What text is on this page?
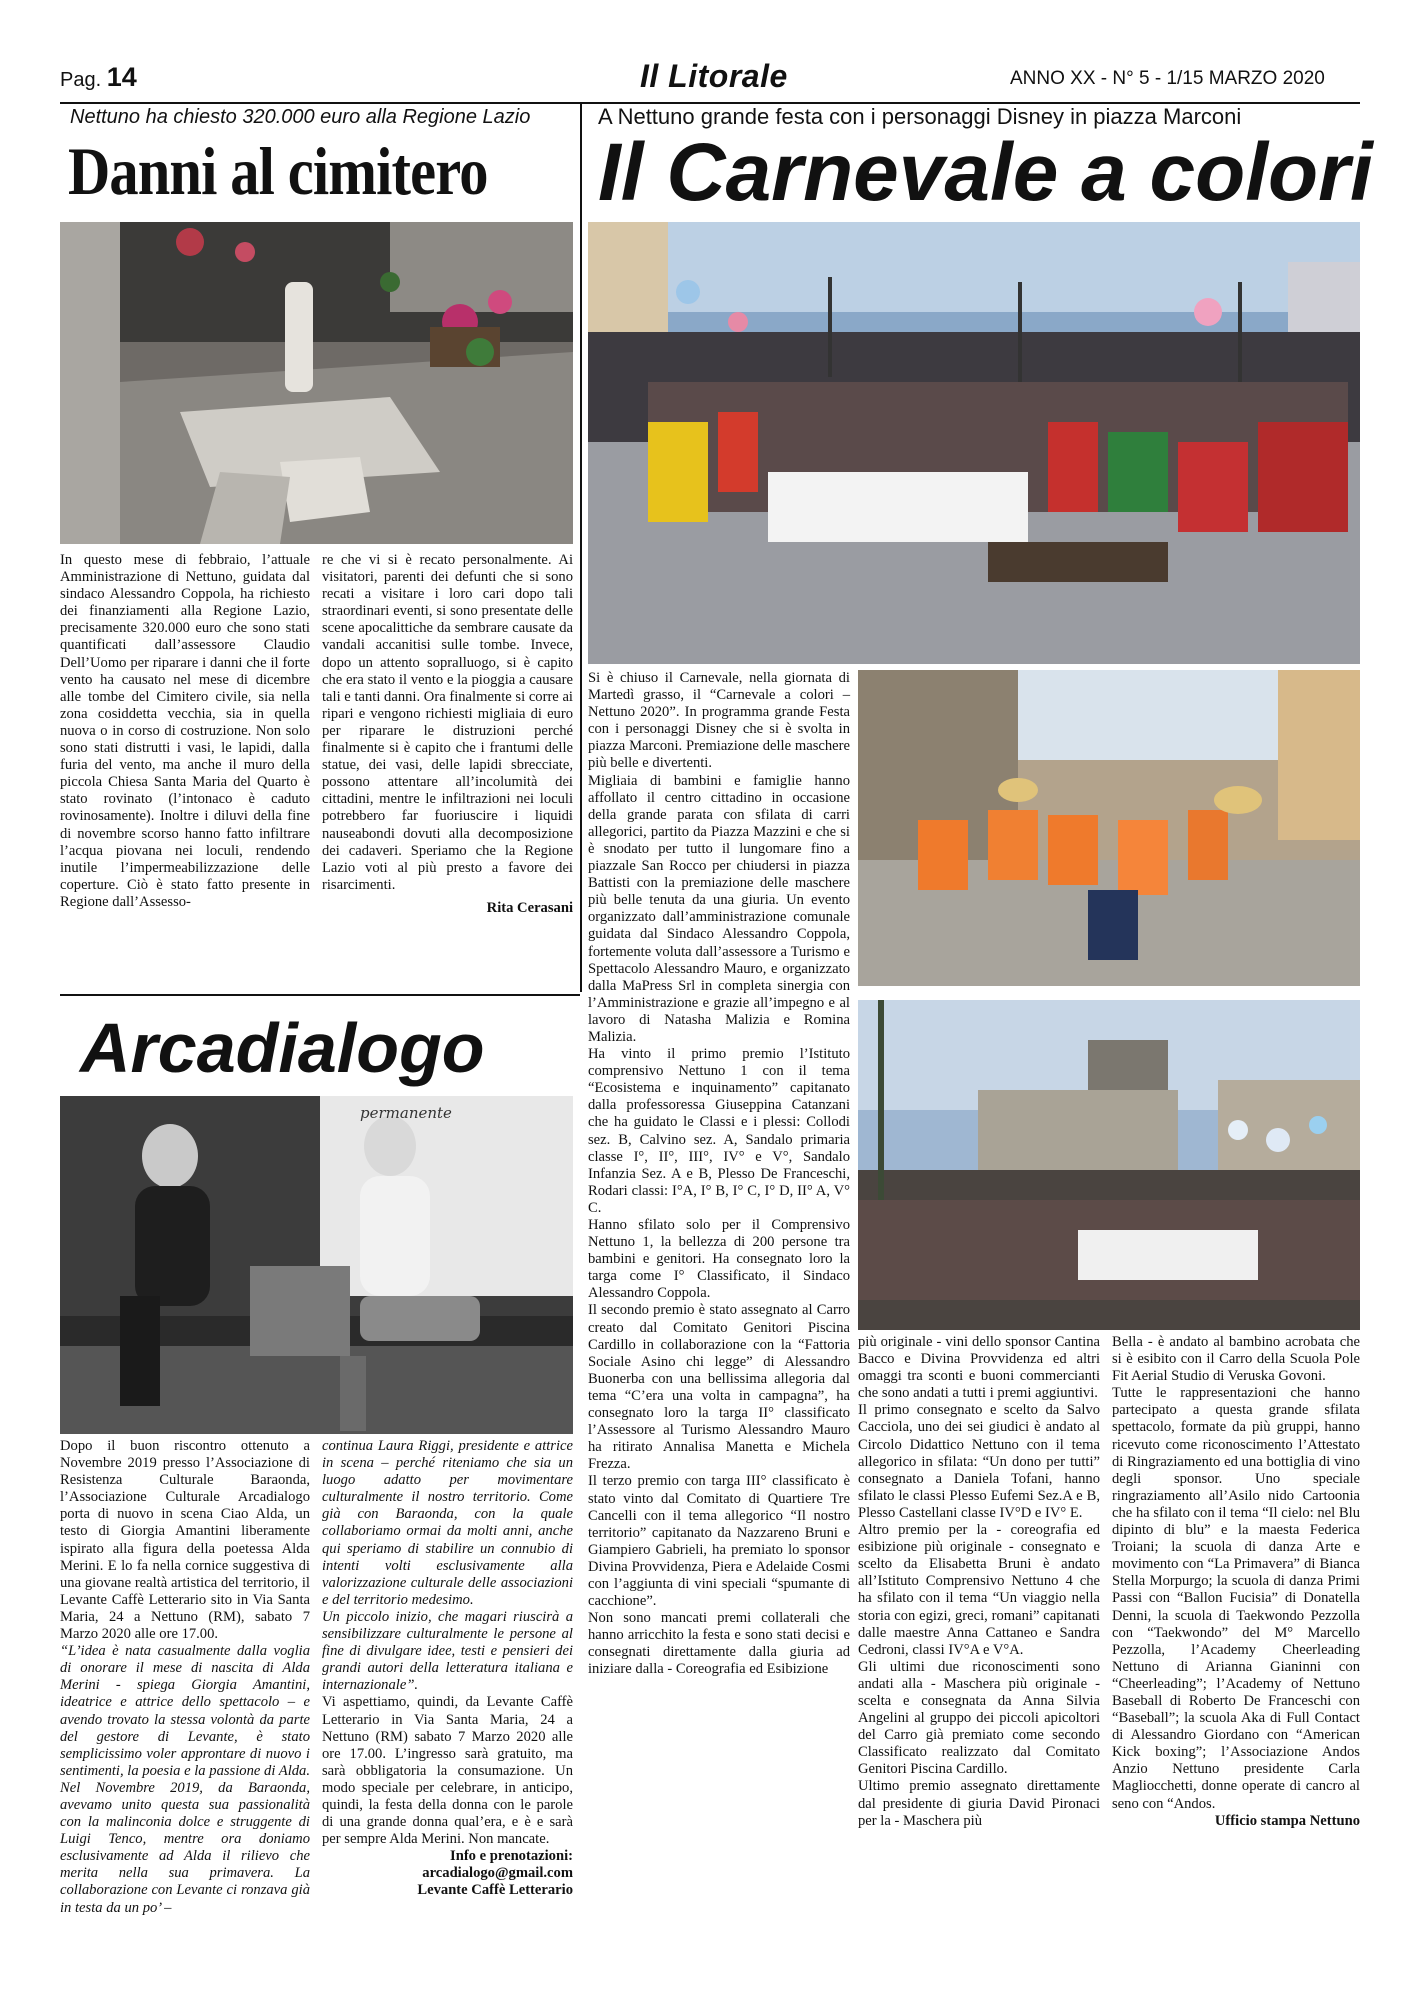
Pag. 14	Il Litorale	ANNO XX - N° 5 - 1/15 MARZO 2020
Nettuno ha chiesto 320.000 euro alla Regione Lazio
Danni al cimitero

In questo mese di febbraio, l’attuale Amministrazione di Nettuno, guidata dal sindaco Alessandro Coppola, ha richiesto dei finanziamenti alla Regione Lazio, precisamente 320.000 euro che sono stati quantificati dall’assessore Claudio Dell’Uomo per riparare i danni che il forte vento ha causato nel mese di dicembre alle tombe del Cimitero civile, sia nella zona cosiddetta vecchia, sia in quella nuova o in corso di costruzione. Non solo sono stati distrutti i vasi, le lapidi, dalla furia del vento, ma anche il muro della piccola Chiesa Santa Maria del Quarto è stato rovinato (l’intonaco è caduto rovinosamente). Inoltre i diluvi della fine di novembre scorso hanno fatto infiltrare l’acqua piovana nei loculi, rendendo inutile l’impermeabilizzazione delle coperture. Ciò è stato fatto presente in Regione dall’Assesso-

re che vi si è recato personalmente. Ai visitatori, parenti dei defunti che si sono recati a visitare i loro cari dopo tali straordinari eventi, si sono presentate delle scene apocalittiche da sembrare causate da vandali accanitisi sulle tombe. Invece, dopo un attento sopralluogo, si è capito che era stato il vento e la pioggia a causare tali e tanti danni. Ora finalmente si corre ai ripari e vengono richiesti migliaia di euro per riparare le distruzioni perché finalmente si è capito che i frantumi delle statue, dei vasi, delle lapidi sbrecciate, possono attentare all’incolumità dei cittadini, mentre le infiltrazioni nei loculi potrebbero far fuoriuscire i liquidi nauseabondi dovuti alla decomposizione dei cadaveri. Speriamo che la Regione Lazio voti al più presto a favore dei risarcimenti.

Rita Cerasani

Arcadialogo
permanente

Dopo il buon riscontro ottenuto a Novembre 2019 presso l’Associazione di Resistenza Culturale Baraonda, l’Associazione Culturale Arcadialogo porta di nuovo in scena Ciao Alda, un testo di Giorgia Amantini liberamente ispirato alla figura della poetessa Alda Merini. E lo fa nella cornice suggestiva di una giovane realtà artistica del territorio, il Levante Caffè Letterario sito in Via Santa Maria, 24 a Nettuno (RM), sabato 7 Marzo 2020 alle ore 17.00.

“L’idea è nata casualmente dalla voglia di onorare il mese di nascita di Alda Merini - spiega Giorgia Amantini, ideatrice e attrice dello spettacolo – e avendo trovato la stessa volontà da parte del gestore di Levante, è stato semplicissimo voler approntare di nuovo i sentimenti, la poesia e la passione di Alda. Nel Novembre 2019, da Baraonda, avevamo unito questa sua passionalità con la malinconia dolce e struggente di Luigi Tenco, mentre ora doniamo esclusivamente ad Alda il rilievo che merita nella sua primavera. La collaborazione con Levante ci ronzava già in testa da un po’ –

continua Laura Riggi, presidente e attrice in scena – perché riteniamo che sia un luogo adatto per movimentare culturalmente il nostro territorio. Come già con Baraonda, con la quale collaboriamo ormai da molti anni, anche qui speriamo di stabilire un connubio di intenti volti esclusivamente alla valorizzazione culturale delle associazioni e del territorio medesimo.

Un piccolo inizio, che magari riuscirà a sensibilizzare culturalmente le persone al fine di divulgare idee, testi e pensieri dei grandi autori della letteratura italiana e internazionale”.

Vi aspettiamo, quindi, da Levante Caffè Letterario in Via Santa Maria, 24 a Nettuno (RM) sabato 7 Marzo 2020 alle ore 17.00. L’ingresso sarà gratuito, ma sarà obbligatoria la consumazione. Un modo speciale per celebrare, in anticipo, quindi, la festa della donna con le parole di una grande donna qual’era, e è e sarà per sempre Alda Merini. Non mancate.

Info e prenotazioni:

arcadialogo@gmail.com

Levante Caffè Letterario

A Nettuno grande festa con i personaggi Disney in piazza Marconi
Il Carnevale a colori

Si è chiuso il Carnevale, nella giornata di Martedì grasso, il “Carnevale a colori – Nettuno 2020”. In programma grande Festa con i personaggi Disney che si è svolta in piazza Marconi. Premiazione delle maschere più belle e divertenti.
Migliaia di bambini e famiglie hanno affollato il centro cittadino in occasione della grande parata con sfilata di carri allegorici, partito da Piazza Mazzini e che si è snodato per tutto il lungomare fino a piazzale San Rocco per chiudersi in piazza Battisti con la premiazione delle maschere più belle tenuta da una giuria. Un evento organizzato dall’amministrazione comunale guidata dal Sindaco Alessandro Coppola, fortemente voluta dall’assessore a Turismo e Spettacolo Alessandro Mauro, e organizzato dalla MaPress Srl in completa sinergia con l’Amministrazione e grazie all’impegno e al lavoro di Natasha Malizia e Romina Malizia.
Ha vinto il primo premio l’Istituto comprensivo Nettuno 1 con il tema “Ecosistema e inquinamento” capitanato dalla professoressa Giuseppina Catanzani che ha guidato le Classi e i plessi: Collodi sez. B, Calvino sez. A, Sandalo primaria classe I°, II°, III°, IV° e V°, Sandalo Infanzia Sez. A e B, Plesso De Franceschi, Rodari classi: I°A, I° B, I° C, I° D, II° A, V° C.
Hanno sfilato solo per il Comprensivo Nettuno 1, la bellezza di 200 persone tra bambini e genitori. Ha consegnato loro la targa come I° Classificato, il Sindaco Alessandro Coppola.
Il secondo premio è stato assegnato al Carro creato dal Comitato Genitori Piscina Cardillo in collaborazione con la “Fattoria Sociale Asino chi legge” di Alessandro Buonerba con una bellissima allegoria dal tema “C’era una volta in campagna”, ha consegnato loro la targa II° classificato l’Assessore al Turismo Alessandro Mauro ha ritirato Annalisa Manetta e Michela Frezza.
Il terzo premio con targa III° classificato è stato vinto dal Comitato di Quartiere Tre Cancelli con il tema allegorico “Il nostro territorio” capitanato da Nazzareno Bruni e Giampiero Gabrieli, ha premiato lo sponsor Divina Provvidenza, Piera e Adelaide Cosmi con l’aggiunta di vini speciali “spumante di cacchione”.
Non sono mancati premi collaterali che hanno arricchito la festa e sono stati decisi e consegnati direttamente dalla giuria ad iniziare dalla - Coreografia ed Esibizione

più originale - vini dello sponsor Cantina Bacco e Divina Provvidenza ed altri omaggi tra sconti e buoni commercianti che sono andati a tutti i premi aggiuntivi.
Il primo consegnato e scelto da Salvo Cacciola, uno dei sei giudici è andato al Circolo Didattico Nettuno con il tema allegorico in sfilata: “Un dono per tutti” consegnato a Daniela Tofani, hanno sfilato le classi Plesso Eufemi Sez.A e B, Plesso Castellani classe IV°D e IV° E.
Altro premio per la - coreografia ed esibizione più originale - consegnato e scelto da Elisabetta Bruni è andato all’Istituto Comprensivo Nettuno 4 che ha sfilato con il tema “Un viaggio nella storia con egizi, greci, romani” capitanati dalle maestre Anna Cattaneo e Sandra Cedroni, classi IV°A e V°A.
Gli ultimi due riconoscimenti sono andati alla - Maschera più originale - scelta e consegnata da Anna Silvia Angelini al gruppo dei piccoli apicoltori del Carro già premiato come secondo Classificato realizzato dal Comitato Genitori Piscina Cardillo.
Ultimo premio assegnato direttamente dal presidente di giuria David Pironaci per la - Maschera più

Bella - è andato al bambino acrobata che si è esibito con il Carro della Scuola Pole Fit Aerial Studio di Veruska Govoni.
Tutte le rappresentazioni che hanno partecipato a questa grande sfilata spettacolo, formate da più gruppi, hanno ricevuto come riconoscimento l’Attestato di Ringraziamento ed una bottiglia di vino degli sponsor. Uno speciale ringraziamento all’Asilo nido Cartoonia che ha sfilato con il tema “Il cielo: nel Blu dipinto di blu” e la maesta Federica Troiani; la scuola di danza Arte e movimento con “La Primavera” di Bianca Stella Morpurgo; la scuola di danza Primi Passi con “Ballon Fucisia” di Donatella Denni, la scuola di Taekwondo Pezzolla con “Taekwondo” del M° Marcello Pezzolla, l’Academy Cheerleading Nettuno di Arianna Gianinni con “Cheerleading”; l’Academy of Nettuno Baseball di Roberto De Franceschi con “Baseball”; la scuola Aka di Full Contact di Alessandro Giordano con “American Kick boxing”; l’Associazione Andos Anzio Nettuno presidente Carla Magliocchetti, donne operate di cancro al seno con “Andos.

Ufficio stampa Nettuno
